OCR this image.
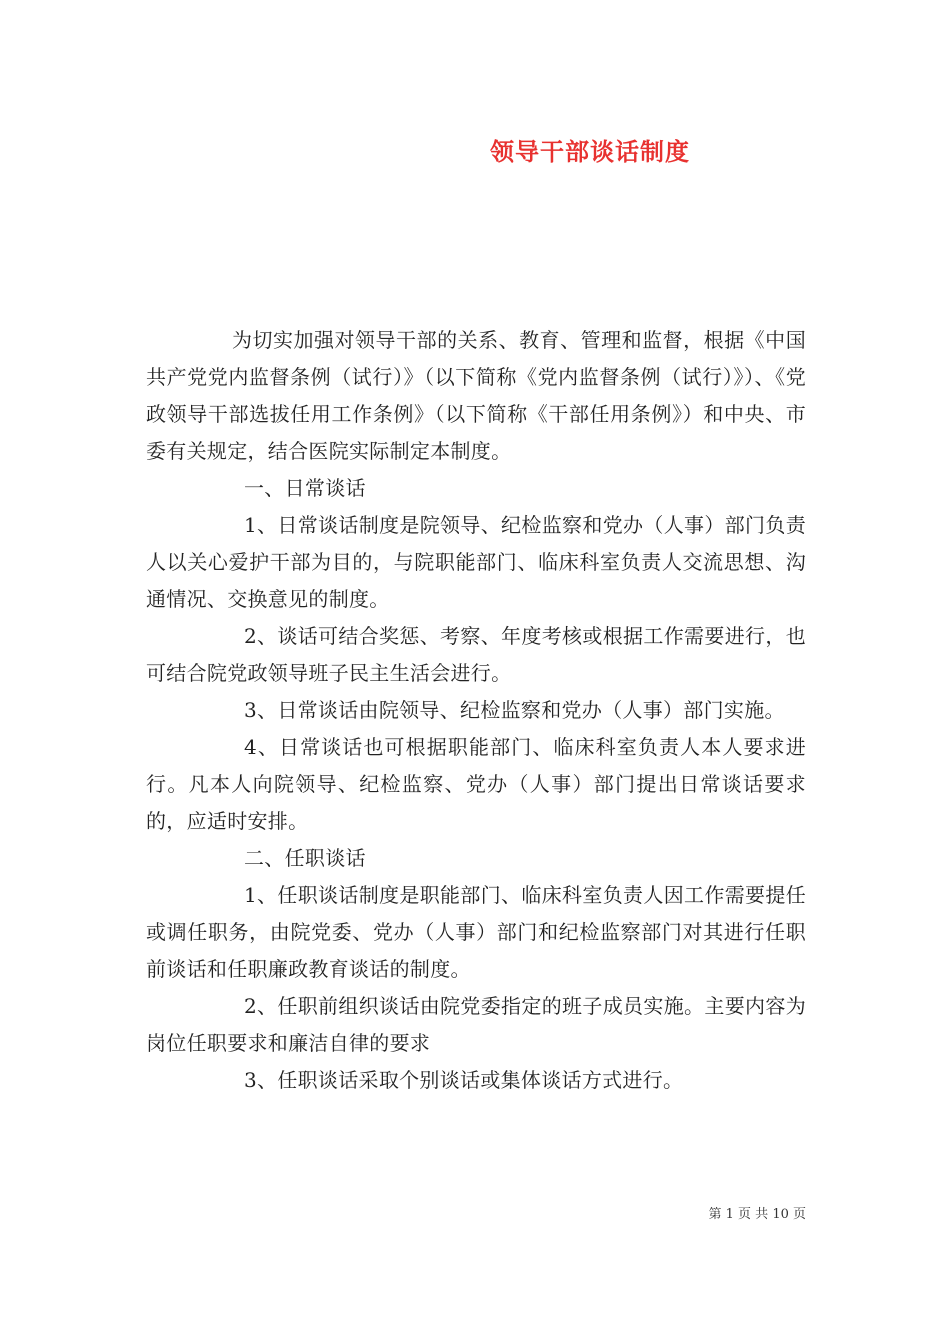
领导干部谈话制度

为切实加强对领导干部的关系、教育、管理和监督，根据《中国共产党党内监督条例（试行）》（以下简称《党内监督条例（试行）》）、《党政领导干部选拔任用工作条例》（以下简称《干部任用条例》）和中央、市委有关规定，结合医院实际制定本制度。

一、日常谈话

1、日常谈话制度是院领导、纪检监察和党办（人事）部门负责人以关心爱护干部为目的，与院职能部门、临床科室负责人交流思想、沟通情况、交换意见的制度。

2、谈话可结合奖惩、考察、年度考核或根据工作需要进行，也可结合院党政领导班子民主生活会进行。

3、日常谈话由院领导、纪检监察和党办（人事）部门实施。

4、日常谈话也可根据职能部门、临床科室负责人本人要求进行。凡本人向院领导、纪检监察、党办（人事）部门提出日常谈话要求的，应适时安排。

二、任职谈话

1、任职谈话制度是职能部门、临床科室负责人因工作需要提任或调任职务，由院党委、党办（人事）部门和纪检监察部门对其进行任职前谈话和任职廉政教育谈话的制度。

2、任职前组织谈话由院党委指定的班子成员实施。主要内容为岗位任职要求和廉洁自律的要求

3、任职谈话采取个别谈话或集体谈话方式进行。

第 1 页 共 10 页
